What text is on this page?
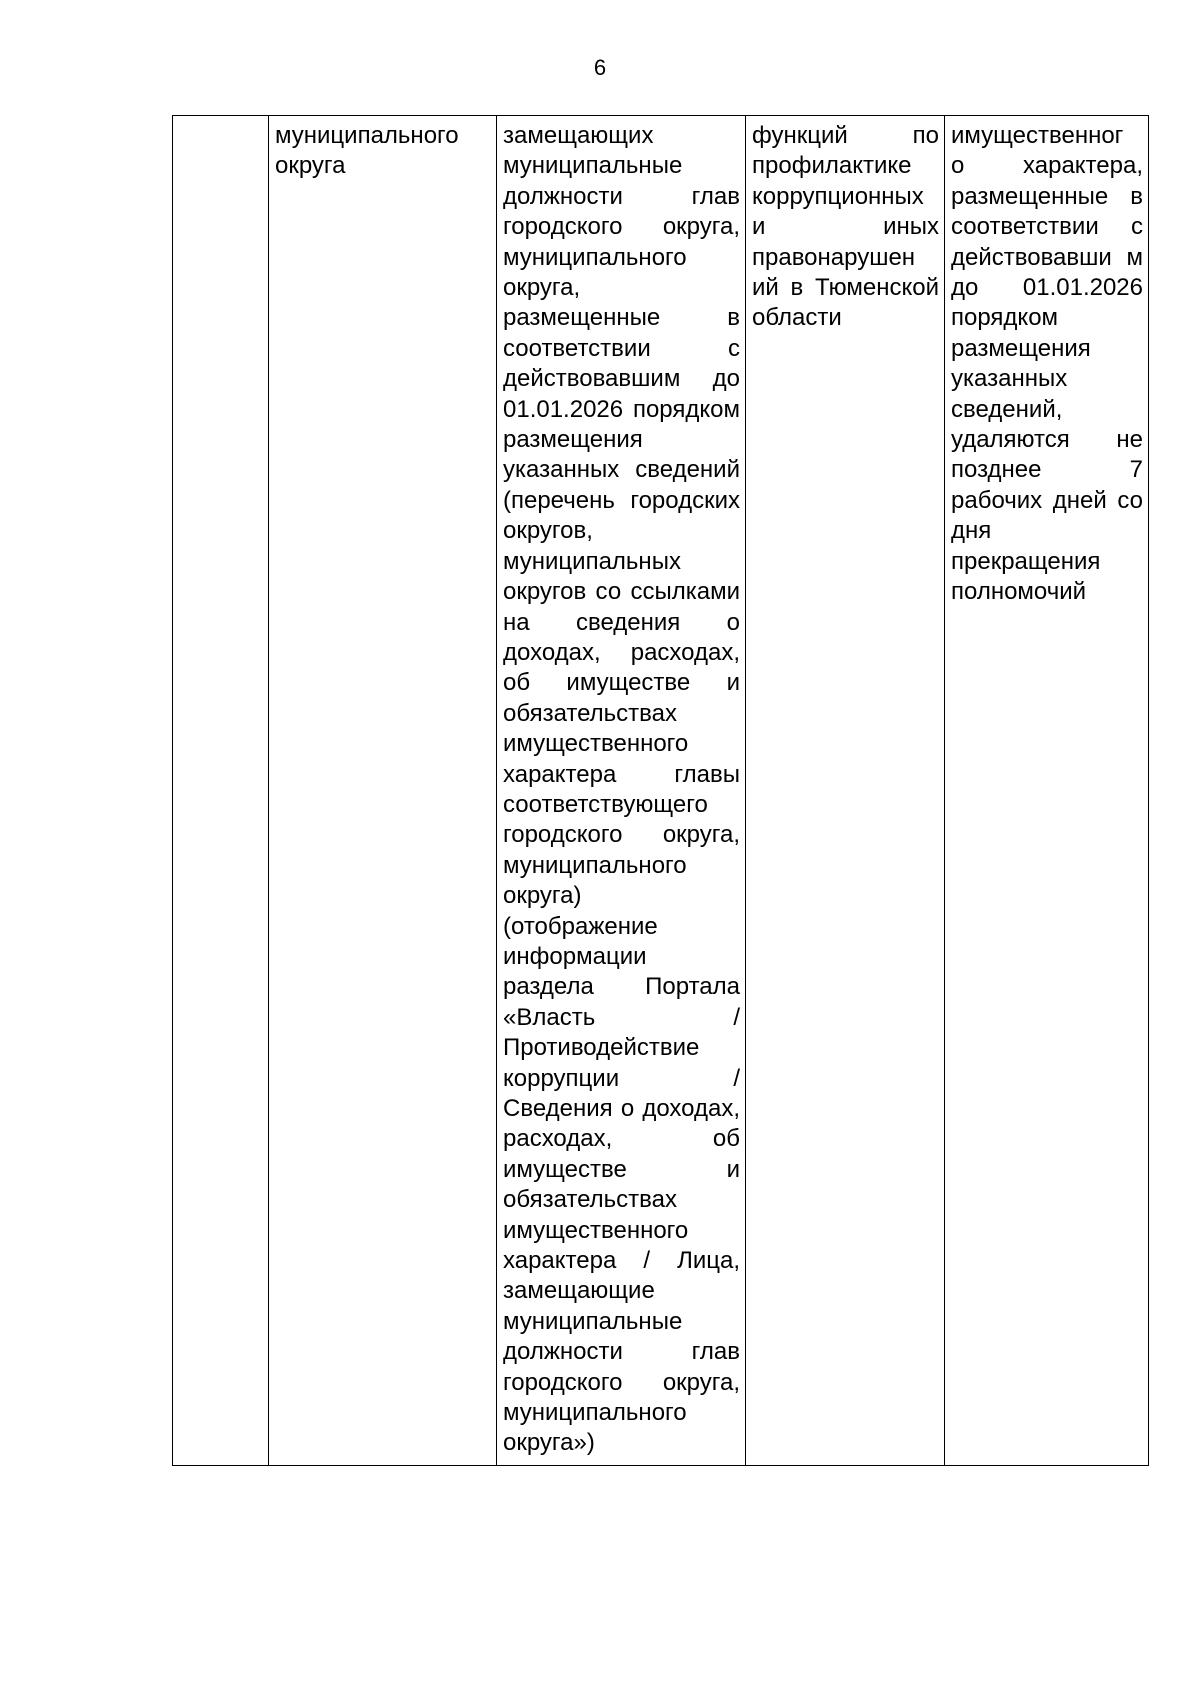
6
	муниципального
округа	замещающих муниципальные должности глав городского округа, муниципального округа, размещенные в соответствии с действовавшим до 01.01.2026 порядком размещения указанных сведений (перечень городских округов, муниципальных округов со ссылками на сведения о доходах, расходах, об имуществе и обязательствах имущественного характера главы соответствующего городского округа, муниципального округа) (отображение информации раздела Портала «Власть / Противодействие коррупции / Сведения о доходах, расходах, об имуществе и обязательствах имущественного характера / Лица, замещающие муниципальные должности глав городского округа, муниципального округа»)	функций по профилактике коррупционных и иных правонарушен ий в Тюменской области	имущественног о характера, размещенные в соответствии с действовавши м до 01.01.2026 порядком размещения указанных сведений, удаляются не позднее 7 рабочих дней со дня прекращения полномочий
